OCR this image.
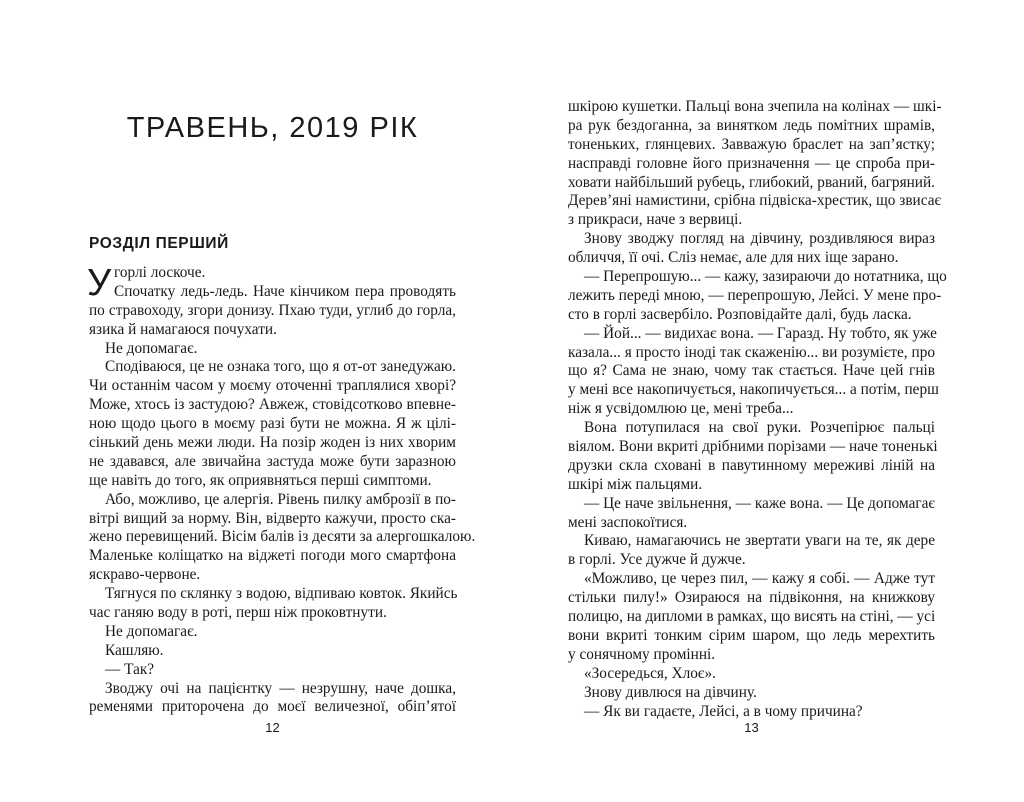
ТРАВЕНЬ, 2019 РІК
РОЗДІЛ ПЕРШИЙ
У горлі лоскоче.
Спочатку ледь-ледь. Наче кінчиком пера проводять
по стравоходу, згори донизу. Пхаю туди, углиб до горла,
язика й намагаюся почухати.
Не допомагає.
Сподіваюся, це не ознака того, що я от-от занедужаю.
Чи останнім часом у моєму оточенні траплялися хворі?
Може, хтось із застудою? Авжеж, стовідсотково впевне-
ною щодо цього в моєму разі бути не можна. Я ж цілі-
сінький день межи люди. На позір жоден із них хворим
не здавався, але звичайна застуда може бути заразною
ще навіть до того, як оприявняться перші симптоми.
Або, можливо, це алергія. Рівень пилку амброзії в по-
вітрі вищий за норму. Він, відверто кажучи, просто ска-
жено перевищений. Вісім балів із десяти за алергошкалою.
Маленьке коліщатко на віджеті погоди мого смартфона
яскраво-червоне.
Тягнуся по склянку з водою, відпиваю ковток. Якийсь
час ганяю воду в роті, перш ніж проковтнути.
Не допомагає.
Кашляю.
— Так?
Зводжу очі на пацієнтку — незрушну, наче дошка,
ременями приторочена до моєї величезної, обіп’ятої
12
шкірою кушетки. Пальці вона зчепила на колінах — шкі-
ра рук бездоганна, за винятком ледь помітних шрамів,
тоненьких, глянцевих. Завважую браслет на зап’ястку;
насправді головне його призначення — це спроба при-
ховати найбільший рубець, глибокий, рваний, багряний.
Дерев’яні намистини, срібна підвіска-хрестик, що звисає
з прикраси, наче з вервиці.
Знову зводжу погляд на дівчину, роздивляюся вираз
обличчя, її очі. Сліз немає, але для них іще зарано.
— Перепрошую... — кажу, зазираючи до нотатника, що
лежить переді мною, — перепрошую, Лейсі. У мене про-
сто в горлі засвербіло. Розповідайте далі, будь ласка.
— Йой... — видихає вона. — Гаразд. Ну тобто, як уже
казала... я просто іноді так скаженію... ви розумієте, про
що я? Сама не знаю, чому так стається. Наче цей гнів
у мені все накопичується, накопичується... а потім, перш
ніж я усвідомлюю це, мені треба...
Вона потупилася на свої руки. Розчепірює пальці
віялом. Вони вкриті дрібними порізами — наче тоненькі
друзки скла сховані в павутинному мереживі ліній на
шкірі між пальцями.
— Це наче звільнення, — каже вона. — Це допомагає
мені заспокоїтися.
Киваю, намагаючись не звертати уваги на те, як дере
в горлі. Усе дужче й дужче.
«Можливо, це через пил, — кажу я собі. — Адже тут
стільки пилу!» Озираюся на підвіконня, на книжкову
полицю, на дипломи в рамках, що висять на стіні, — усі
вони вкриті тонким сірим шаром, що ледь мерехтить
у сонячному промінні.
«Зосередься, Хлоє».
Знову дивлюся на дівчину.
— Як ви гадаєте, Лейсі, а в чому причина?
13
